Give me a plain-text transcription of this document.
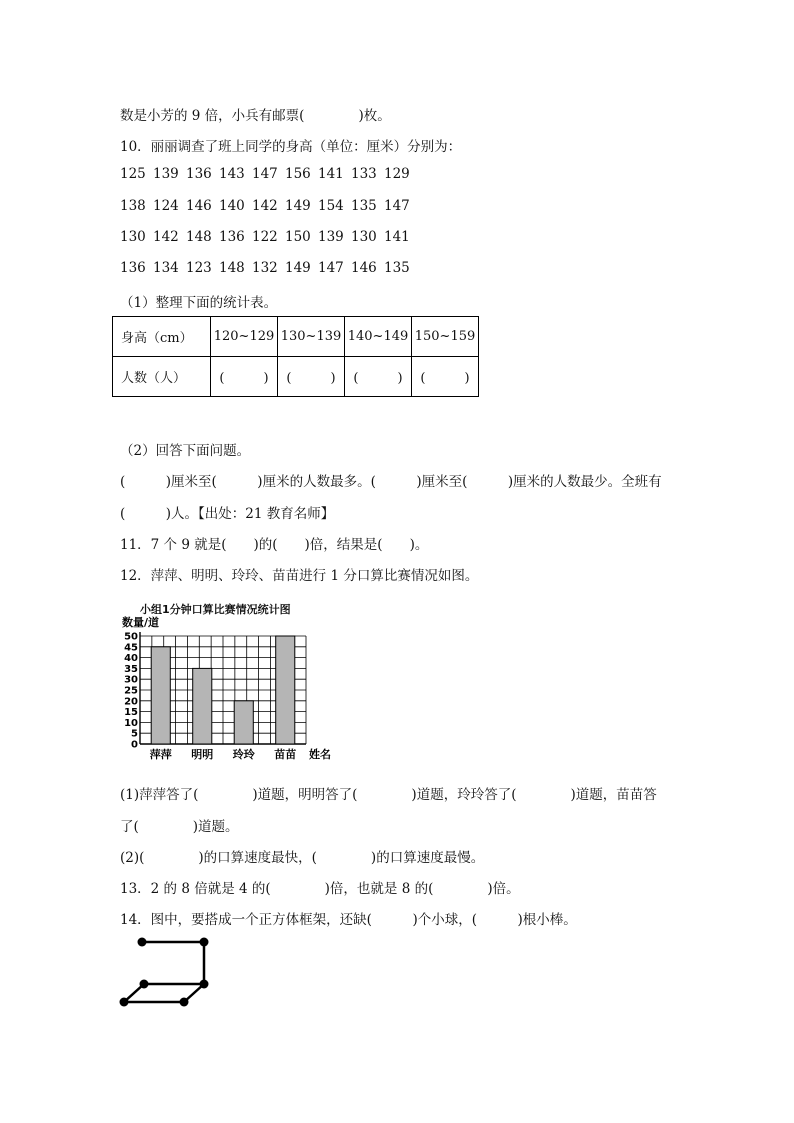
数是小芳的 9 倍，小兵有邮票(　　　　)枚。
10．丽丽调查了班上同学的身高（单位：厘米）分别为：
125 139 136 143 147 156 141 133 129
138 124 146 140 142 149 154 135 147
130 142 148 136 122 150 139 130 141
136 134 123 148 132 149 147 146 135
（1）整理下面的统计表。
身高（cm）	120~129	130~139	140~149	150~159
人数（人）	(　　　)	(　　　)	(　　　)	(　　　)
（2）回答下面问题。
(　　　)厘米至(　　　)厘米的人数最多。(　　　)厘米至(　　　)厘米的人数最少。全班有
(　　　)人。【出处：21 教育名师】
11．7 个 9 就是(　　)的(　　)倍，结果是(　　)。
12．萍萍、明明、玲玲、苗苗进行 1 分口算比赛情况如图。
小组1分钟口算比赛情况统计图
数量/道
0
5
10
15
20
25
30
35
40
45
50
萍萍 明明 玲玲 苗苗 姓名
(1)萍萍答了(　　　　)道题，明明答了(　　　　)道题，玲玲答了(　　　　)道题，苗苗答
了(　　　　)道题。
(2)(　　　　)的口算速度最快，(　　　　)的口算速度最慢。
13．2 的 8 倍就是 4 的(　　　　)倍，也就是 8 的(　　　　)倍。
14．图中，要搭成一个正方体框架，还缺(　　　)个小球，(　　　)根小棒。
